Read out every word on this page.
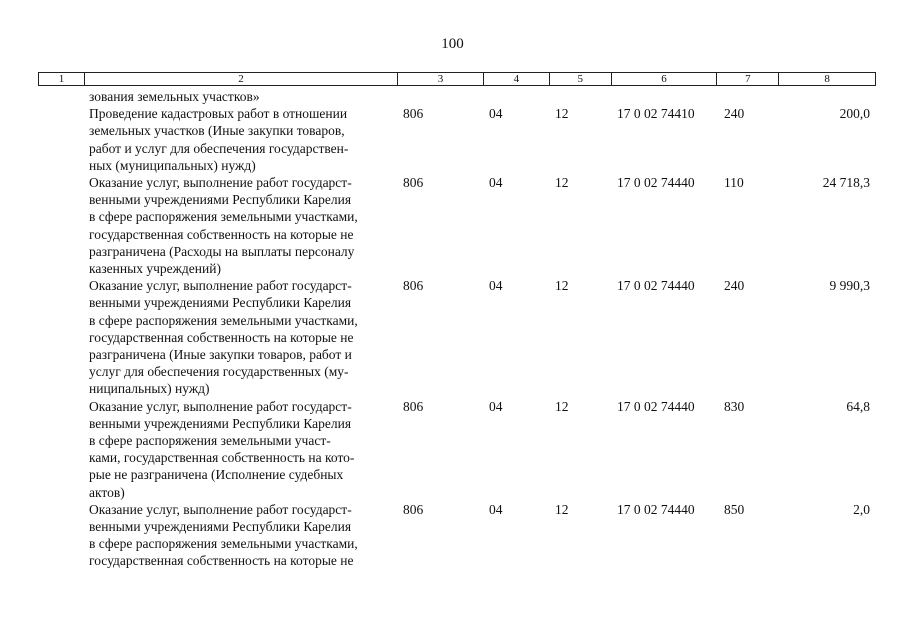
100
1	2	3	4	5	6	7	8
зования земельных участков»
Проведение кадастровых работ в отношении
земельных участков (Иные закупки товаров,
работ и услуг для обеспечения государствен-
ных (муниципальных) нужд)
806	04	12	17 0 02 74410	240	200,0
Оказание услуг, выполнение работ государст-
венными учреждениями Республики Карелия
в сфере распоряжения земельными участками,
государственная собственность на которые не
разграничена (Расходы на выплаты персоналу
казенных учреждений)
806	04	12	17 0 02 74440	110	24 718,3
Оказание услуг, выполнение работ государст-
венными учреждениями Республики Карелия
в сфере распоряжения земельными участками,
государственная собственность на которые не
разграничена (Иные закупки товаров, работ и
услуг для обеспечения государственных (му-
ниципальных) нужд)
806	04	12	17 0 02 74440	240	9 990,3
Оказание услуг, выполнение работ государст-
венными учреждениями Республики Карелия
в сфере распоряжения земельными участ-
ками, государственная собственность на кото-
рые не разграничена (Исполнение судебных
актов)
806	04	12	17 0 02 74440	830	64,8
Оказание услуг, выполнение работ государст-
венными учреждениями Республики Карелия
в сфере распоряжения земельными участками,
государственная собственность на которые не
806	04	12	17 0 02 74440	850	2,0
